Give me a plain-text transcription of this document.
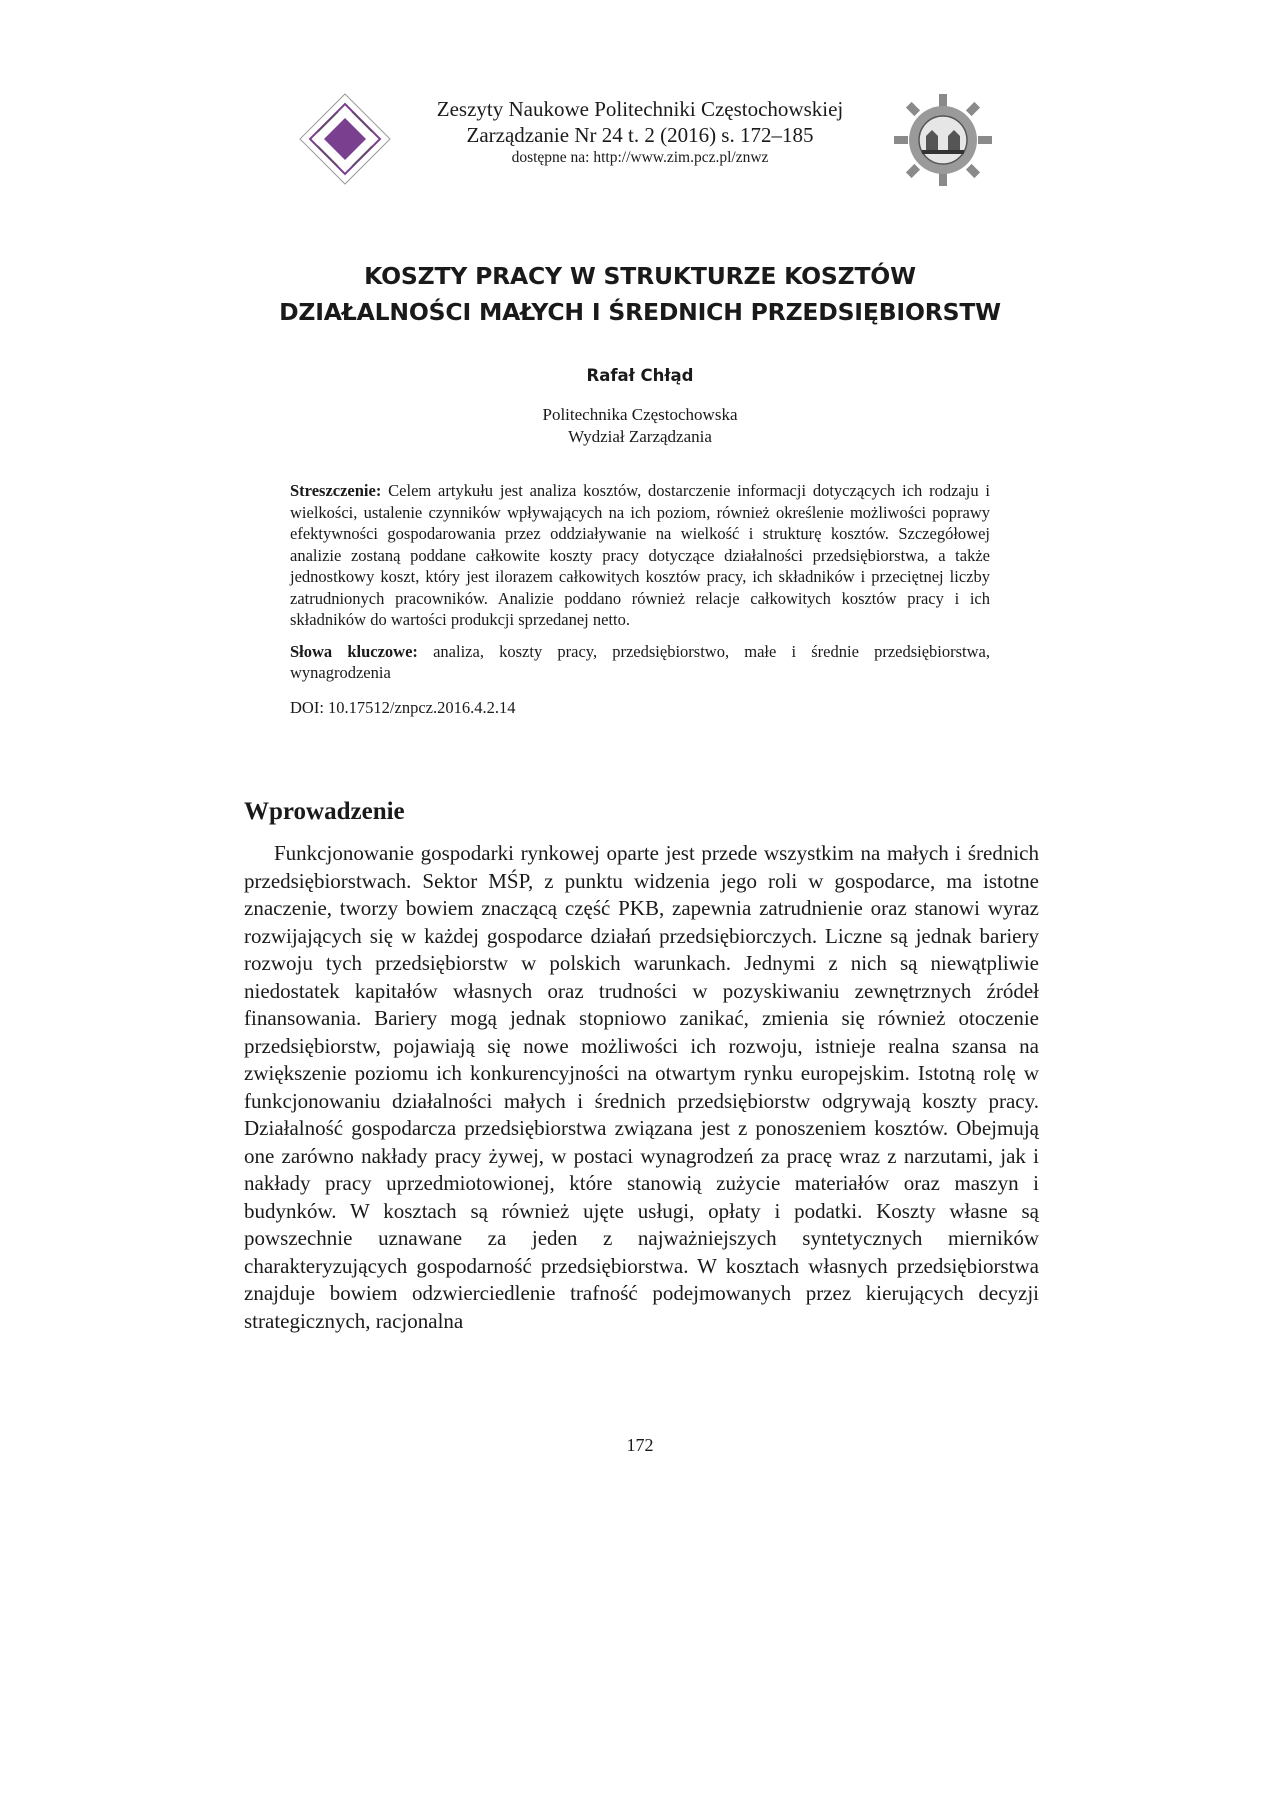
Zeszyty Naukowe Politechniki Częstochowskiej
Zarządzanie Nr 24 t. 2 (2016) s. 172–185
dostępne na: http://www.zim.pcz.pl/znwz
KOSZTY PRACY W STRUKTURZE KOSZTÓW
DZIAŁALNOŚCI MAŁYCH I ŚREDNICH PRZEDSIĘBIORSTW
Rafał Chłąd
Politechnika Częstochowska
Wydział Zarządzania

Streszczenie: Celem artykułu jest analiza kosztów, dostarczenie informacji dotyczących ich rodzaju i wielkości, ustalenie czynników wpływających na ich poziom, również określenie możliwości poprawy efektywności gospodarowania przez oddziaływanie na wielkość i strukturę kosztów. Szczegółowej analizie zostaną poddane całkowite koszty pracy dotyczące działalności przedsiębiorstwa, a także jednostkowy koszt, który jest ilorazem całkowitych kosztów pracy, ich składników i przeciętnej liczby zatrudnionych pracowników. Analizie poddano również relacje całkowitych kosztów pracy i ich składników do wartości produkcji sprzedanej netto.

Słowa kluczowe: analiza, koszty pracy, przedsiębiorstwo, małe i średnie przedsiębiorstwa, wynagrodzenia

DOI: 10.17512/znpcz.2016.4.2.14

Wprowadzenie

Funkcjonowanie gospodarki rynkowej oparte jest przede wszystkim na małych i średnich przedsiębiorstwach. Sektor MŚP, z punktu widzenia jego roli w gospodarce, ma istotne znaczenie, tworzy bowiem znaczącą część PKB, zapewnia zatrudnienie oraz stanowi wyraz rozwijających się w każdej gospodarce działań przedsiębiorczych. Liczne są jednak bariery rozwoju tych przedsiębiorstw w polskich warunkach. Jednymi z nich są niewątpliwie niedostatek kapitałów własnych oraz trudności w pozyskiwaniu zewnętrznych źródeł finansowania. Bariery mogą jednak stopniowo zanikać, zmienia się również otoczenie przedsiębiorstw, pojawiają się nowe możliwości ich rozwoju, istnieje realna szansa na zwiększenie poziomu ich konkurencyjności na otwartym rynku europejskim. Istotną rolę w funkcjonowaniu działalności małych i średnich przedsiębiorstw odgrywają koszty pracy. Działalność gospodarcza przedsiębiorstwa związana jest z ponoszeniem kosztów. Obejmują one zarówno nakłady pracy żywej, w postaci wynagrodzeń za pracę wraz z narzutami, jak i nakłady pracy uprzedmiotowionej, które stanowią zużycie materiałów oraz maszyn i budynków. W kosztach są również ujęte usługi, opłaty i podatki. Koszty własne są powszechnie uznawane za jeden z najważniejszych syntetycznych mierników charakteryzujących gospodarność przedsiębiorstwa. W kosztach własnych przedsiębiorstwa znajduje bowiem odzwierciedlenie trafność podejmowanych przez kierujących decyzji strategicznych, racjonalna

172
